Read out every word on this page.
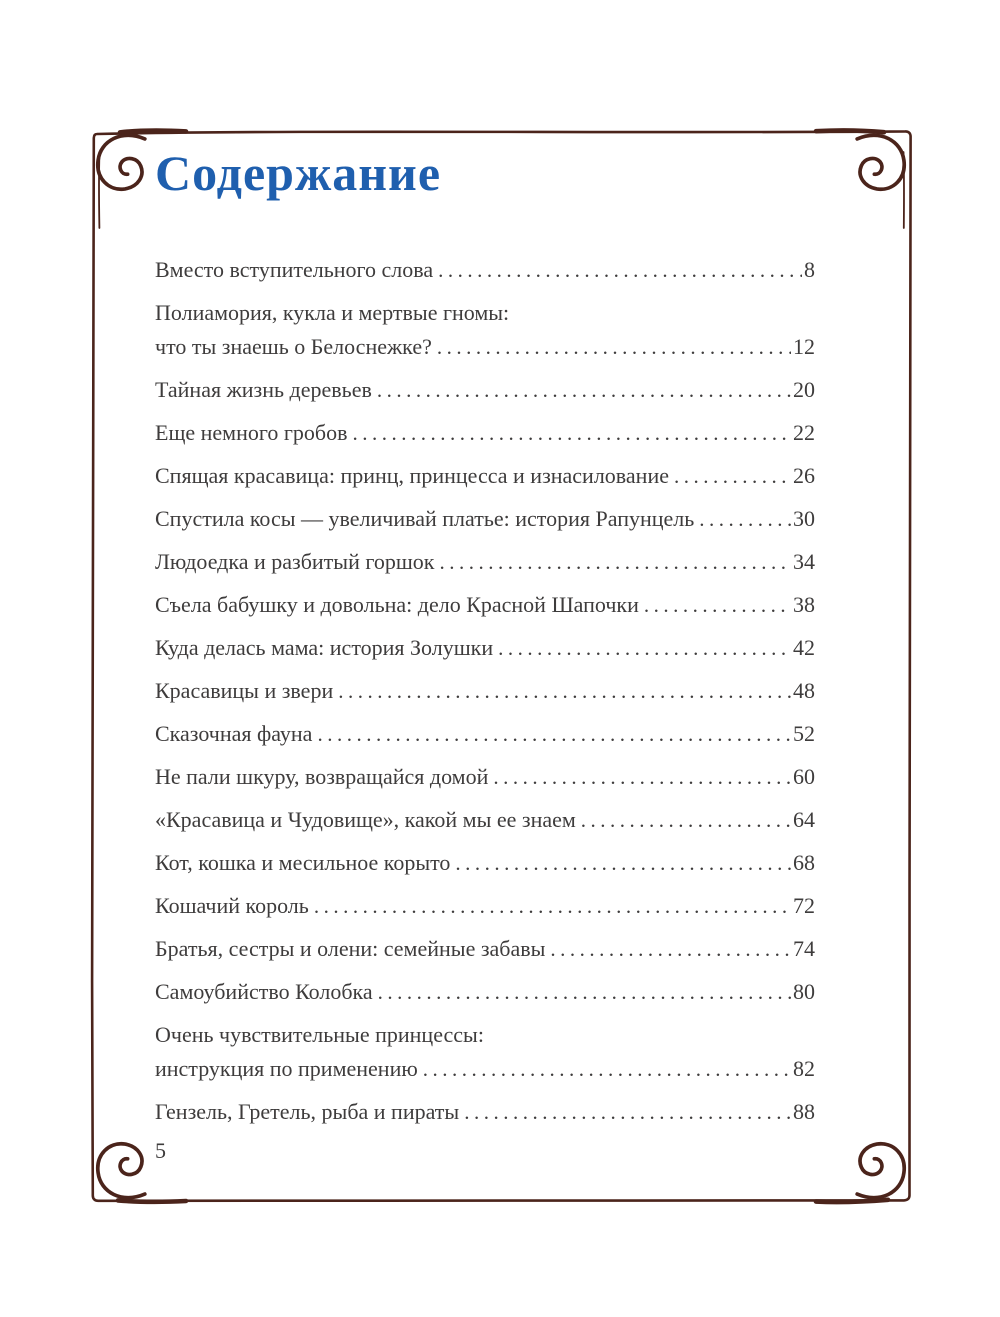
Содержание
Вместо вступительного слова .....	8
Полиамория, кукла и мертвые гномы:
что ты знаешь о Белоснежке? .....	12
Тайная жизнь деревьев .....	20
Еще немного гробов .....	22
Спящая красавица: принц, принцесса и изнасилование .....	26
Спустила косы — увеличивай платье: история Рапунцель .....	30
Людоедка и разбитый горшок .....	34
Съела бабушку и довольна: дело Красной Шапочки .....	38
Куда делась мама: история Золушки .....	42
Красавицы и звери .....	48
Сказочная фауна .....	52
Не пали шкуру, возвращайся домой .....	60
«Красавица и Чудовище», какой мы ее знаем .....	64
Кот, кошка и месильное корыто .....	68
Кошачий король .....	72
Братья, сестры и олени: семейные забавы .....	74
Самоубийство Колобка .....	80
Очень чувствительные принцессы:
инструкция по применению .....	82
Гензель, Гретель, рыба и пираты .....	88
5
